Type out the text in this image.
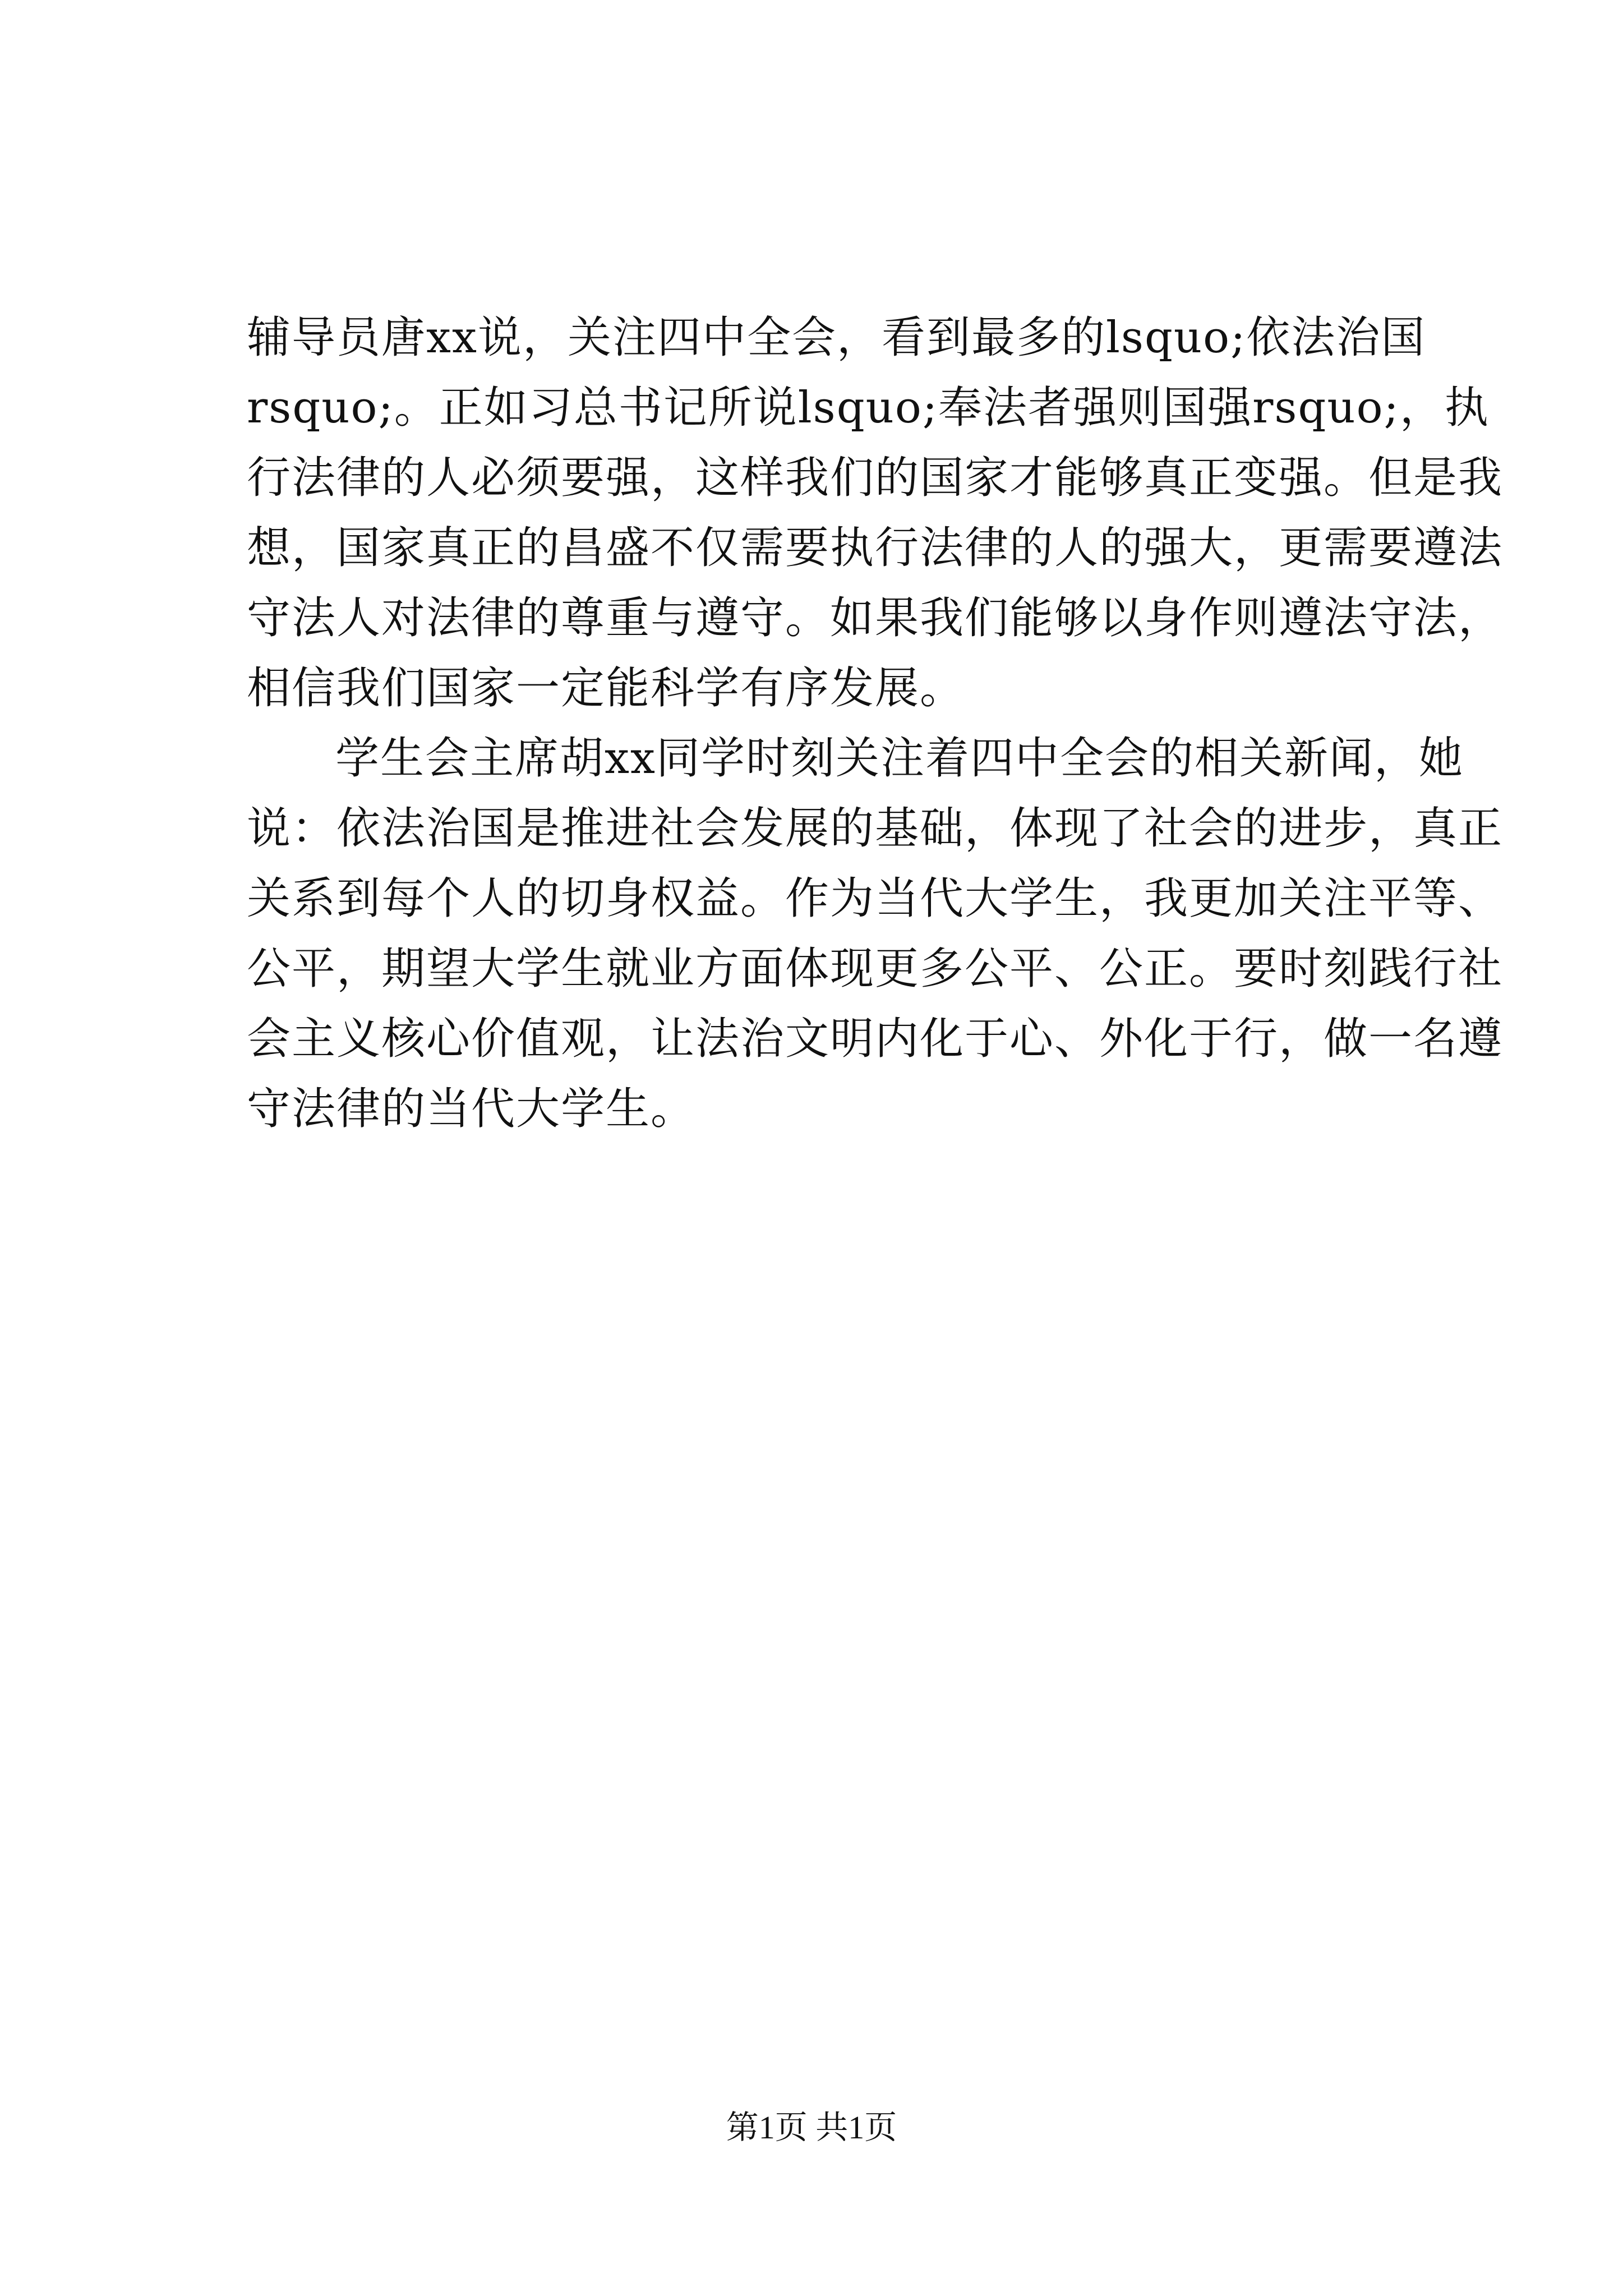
辅导员唐xx说，关注四中全会，看到最多的lsquo;依法治国
rsquo;。正如习总书记所说lsquo;奉法者强则国强rsquo;，执
行法律的人必须要强，这样我们的国家才能够真正变强。但是我
想，国家真正的昌盛不仅需要执行法律的人的强大，更需要遵法
守法人对法律的尊重与遵守。如果我们能够以身作则遵法守法，
相信我们国家一定能科学有序发展。
学生会主席胡xx同学时刻关注着四中全会的相关新闻，她
说：依法治国是推进社会发展的基础，体现了社会的进步，真正
关系到每个人的切身权益。作为当代大学生，我更加关注平等、
公平，期望大学生就业方面体现更多公平、公正。要时刻践行社
会主义核心价值观，让法治文明内化于心、外化于行，做一名遵
守法律的当代大学生。
第1页 共1页
